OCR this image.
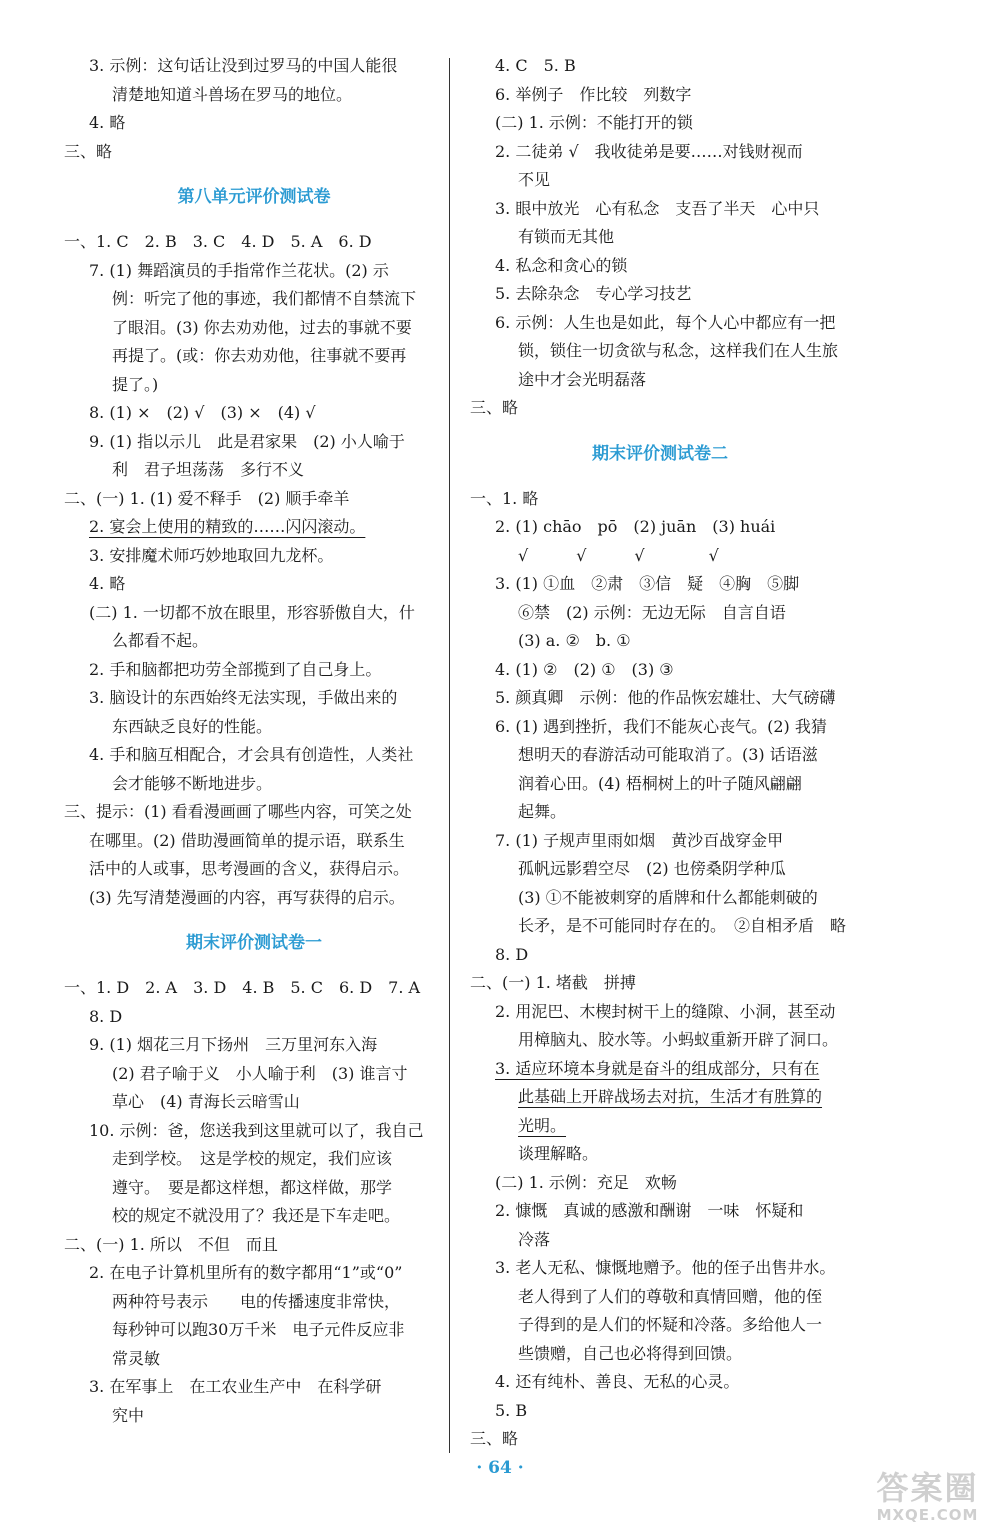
3. 示例：这句话让没到过罗马的中国人能很
清楚地知道斗兽场在罗马的地位。
4. 略
三、略
第八单元评价测试卷
一、1. C　2. B　3. C　4. D　5. A　6. D
7. (1) 舞蹈演员的手指常作兰花状。(2) 示
例：听完了他的事迹，我们都情不自禁流下
了眼泪。(3) 你去劝劝他，过去的事就不要
再提了。(或：你去劝劝他，往事就不要再
提了。)
8. (1) ×　(2) √　(3) ×　(4) √
9. (1) 指以示儿　此是君家果　(2) 小人喻于
利　君子坦荡荡　多行不义
二、(一) 1. (1) 爱不释手　(2) 顺手牵羊
2. 宴会上使用的精致的……闪闪滚动。
3. 安排魔术师巧妙地取回九龙杯。
4. 略
(二) 1. 一切都不放在眼里，形容骄傲自大，什
么都看不起。
2. 手和脑都把功劳全部揽到了自己身上。
3. 脑设计的东西始终无法实现，手做出来的
东西缺乏良好的性能。
4. 手和脑互相配合，才会具有创造性，人类社
会才能够不断地进步。
三、提示：(1) 看看漫画画了哪些内容，可笑之处
在哪里。(2) 借助漫画简单的提示语，联系生
活中的人或事，思考漫画的含义，获得启示。
(3) 先写清楚漫画的内容，再写获得的启示。
期末评价测试卷一
一、1. D　2. A　3. D　4. B　5. C　6. D　7. A
8. D
9. (1) 烟花三月下扬州　三万里河东入海
(2) 君子喻于义　小人喻于利　(3) 谁言寸
草心　(4) 青海长云暗雪山
10. 示例：爸，您送我到这里就可以了，我自己
走到学校。　这是学校的规定，我们应该
遵守。　要是都这样想，都这样做，那学
校的规定不就没用了？我还是下车走吧。
二、(一) 1. 所以　不但　而且
2. 在电子计算机里所有的数字都用“1”或“0”
两种符号表示　　电的传播速度非常快，
每秒钟可以跑30万千米　电子元件反应非
常灵敏
3. 在军事上　在工农业生产中　在科学研
究中
4. C　5. B
6. 举例子　作比较　列数字
(二) 1. 示例：不能打开的锁
2. 二徒弟 √　我收徒弟是要……对钱财视而
不见
3. 眼中放光　心有私念　支吾了半天　心中只
有锁而无其他
4. 私念和贪心的锁
5. 去除杂念　专心学习技艺
6. 示例：人生也是如此，每个人心中都应有一把
锁，锁住一切贪欲与私念，这样我们在人生旅
途中才会光明磊落
三、略
期末评价测试卷二
一、1. 略
2. (1) chāo　pō　(2) juān　(3) huái
√　　　√　　　√　　　　√
3. (1) ①血　②肃　③信　疑　④胸　⑤脚
⑥禁　(2) 示例：无边无际　自言自语
(3) a. ②　b. ①
4. (1) ②　(2) ①　(3) ③
5. 颜真卿　示例：他的作品恢宏雄壮、大气磅礴
6. (1) 遇到挫折，我们不能灰心丧气。(2) 我猜
想明天的春游活动可能取消了。(3) 话语滋
润着心田。(4) 梧桐树上的叶子随风翩翩
起舞。
7. (1) 子规声里雨如烟　黄沙百战穿金甲
孤帆远影碧空尽　(2) 也傍桑阴学种瓜
(3) ①不能被刺穿的盾牌和什么都能刺破的
长矛，是不可能同时存在的。　②自相矛盾　略
8. D
二、(一) 1. 堵截　拼搏
2. 用泥巴、木楔封树干上的缝隙、小洞，甚至动
用樟脑丸、胶水等。小蚂蚁重新开辟了洞口。
3. 适应环境本身就是奋斗的组成部分，只有在
此基础上开辟战场去对抗，生活才有胜算的
光明。
谈理解略。
(二) 1. 示例：充足　欢畅
2. 慷慨　真诚的感激和酬谢　一味　怀疑和
冷落
3. 老人无私、慷慨地赠予。他的侄子出售井水。
老人得到了人们的尊敬和真情回赠，他的侄
子得到的是人们的怀疑和冷落。多给他人一
些馈赠，自己也必将得到回馈。
4. 还有纯朴、善良、无私的心灵。
5. B
三、略
· 64 ·
答案圈
MXQE.COM
